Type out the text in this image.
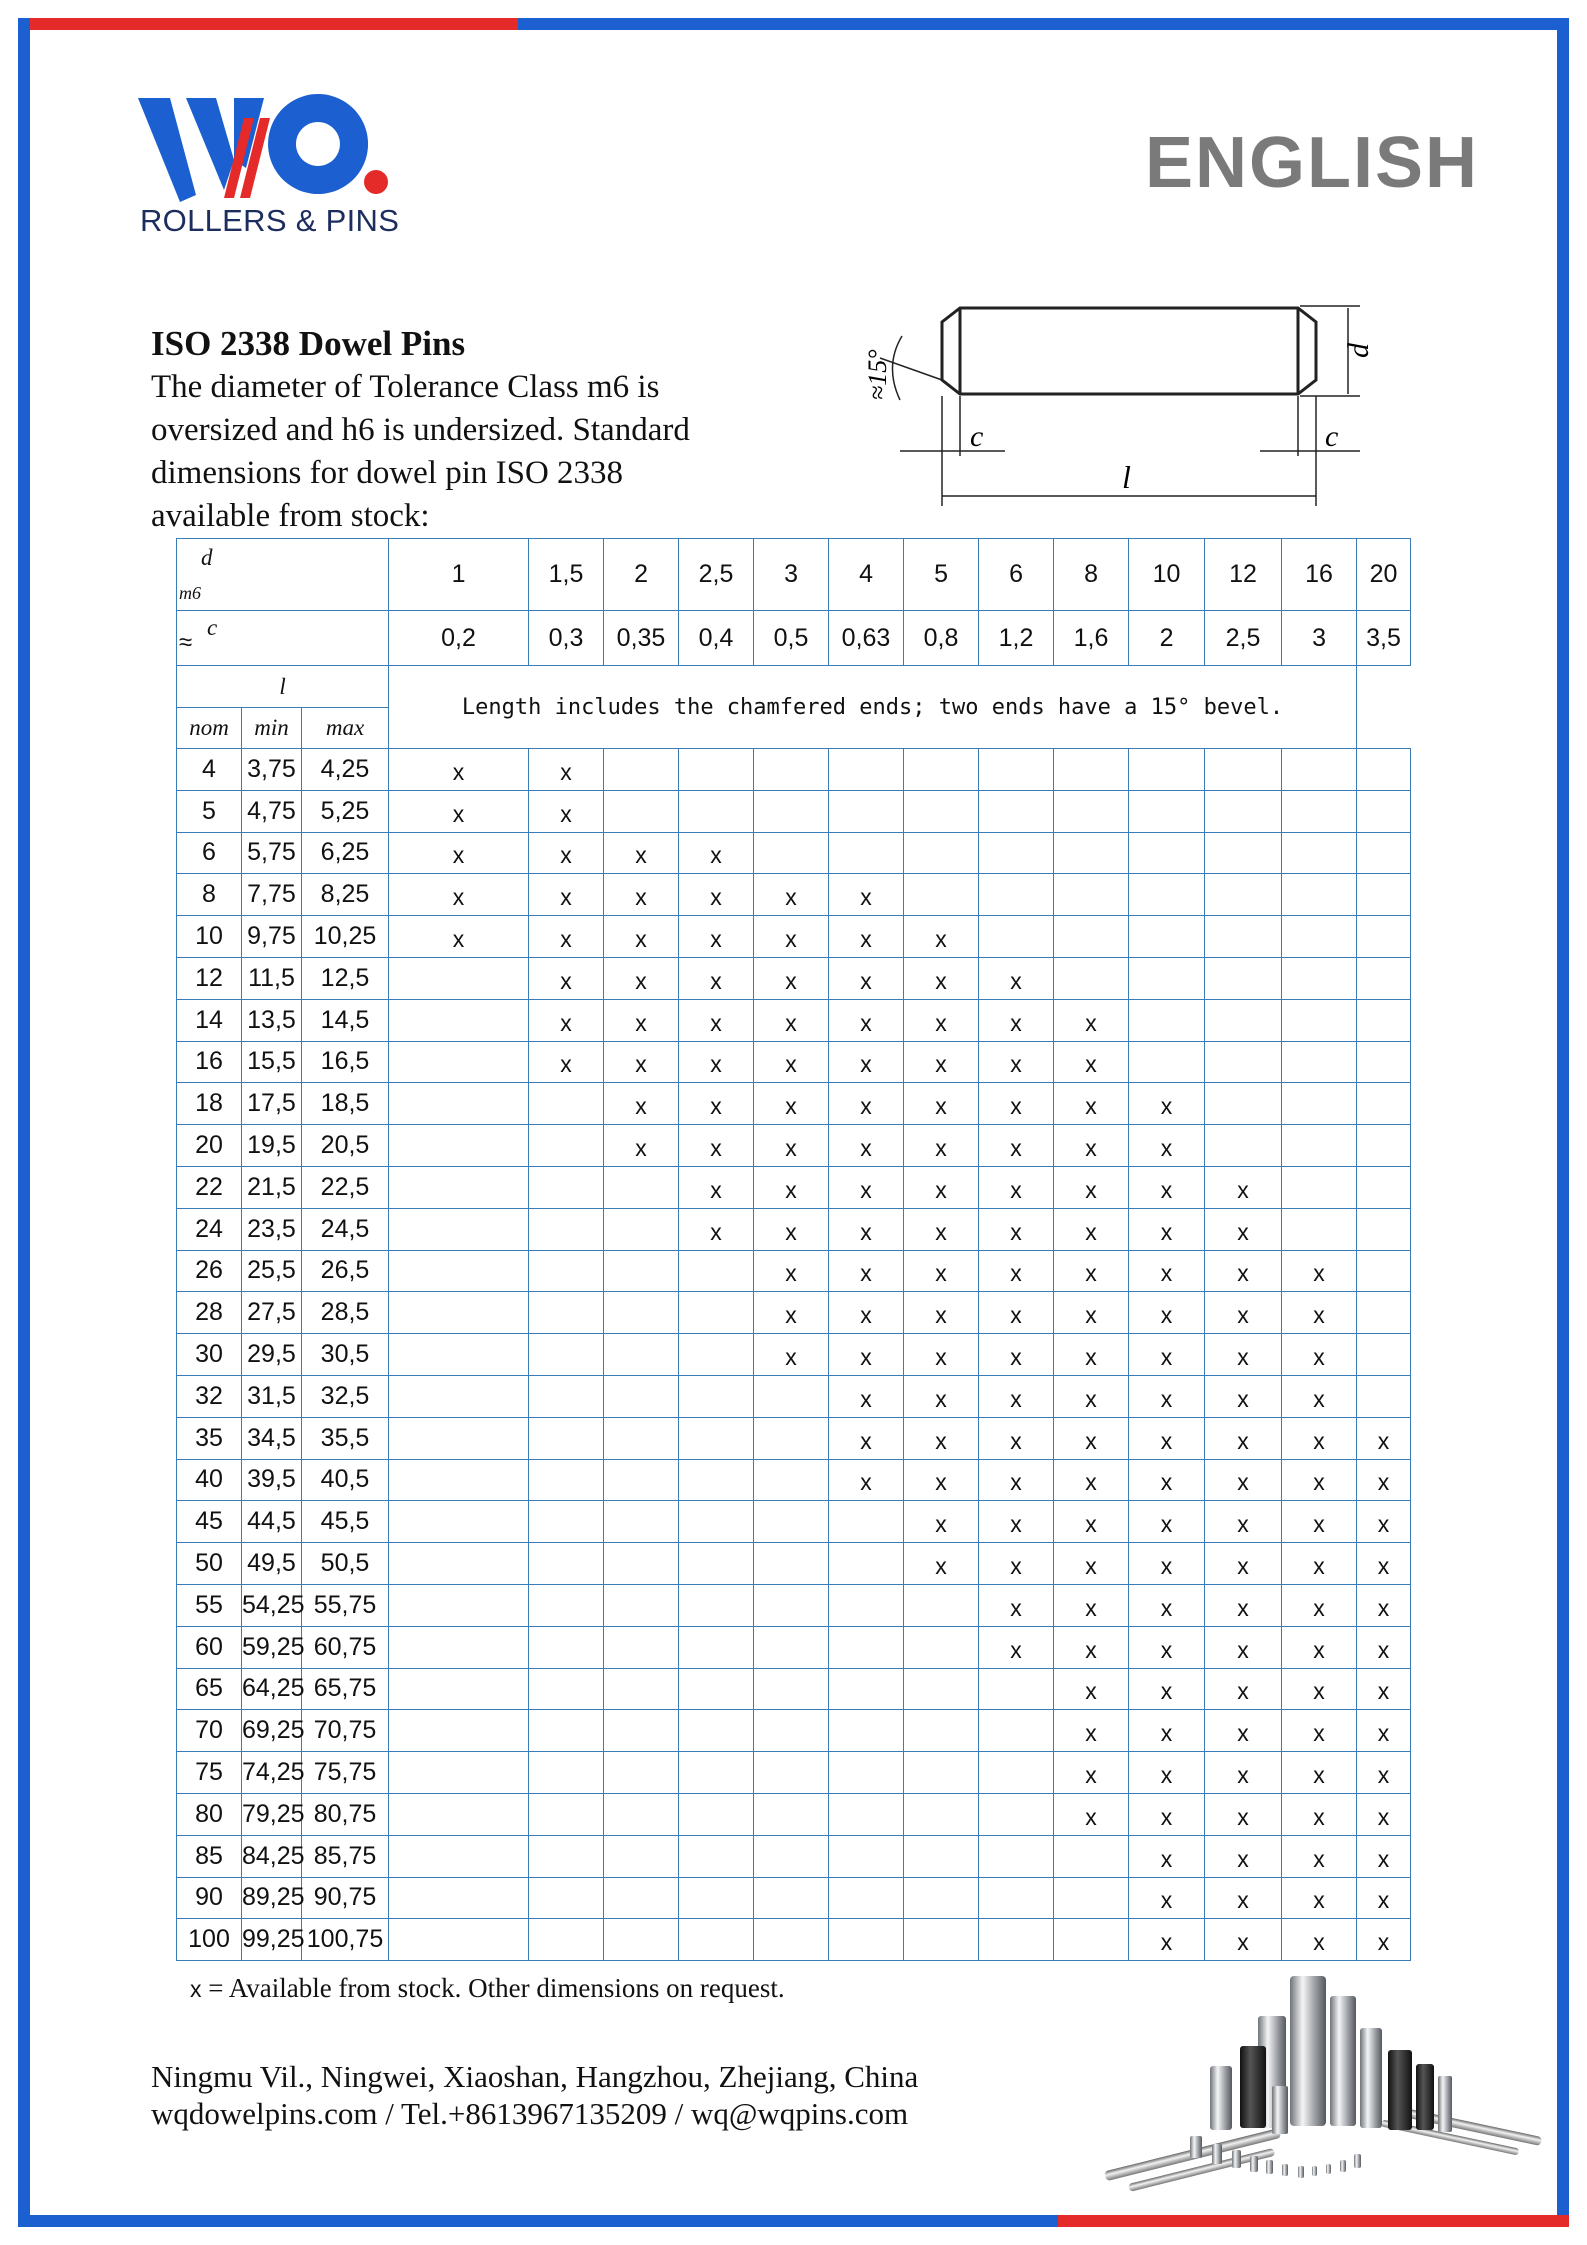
ROLLERS & PINS
ENGLISH
ISO 2338 Dowel Pins

The diameter of Tolerance Class m6 is

oversized and h6 is undersized. Standard

dimensions for dowel pin ISO 2338

available from stock:

≈15°	d
c	c
l
d
m6			1	1,5	2	2,5	3	4	5	6	8	10	12	16	20

≈
c			0,2	0,3	0,35	0,4	0,5	0,63	0,8	1,2	1,6	2	2,5	3	3,5
l			Length includes the chamfered ends; two ends have a 15° bevel.												
nom	min	max													
4	3,75	4,25	x	x											
5	4,75	5,25	x	x											
6	5,75	6,25	x	x	x	x									
8	7,75	8,25	x	x	x	x	x	x							
10	9,75	10,25	x	x	x	x	x	x	x						
12	11,5	12,5		x	x	x	x	x	x	x					
14	13,5	14,5		x	x	x	x	x	x	x	x				
16	15,5	16,5		x	x	x	x	x	x	x	x				
18	17,5	18,5			x	x	x	x	x	x	x	x			
20	19,5	20,5			x	x	x	x	x	x	x	x			
22	21,5	22,5				x	x	x	x	x	x	x	x		
24	23,5	24,5				x	x	x	x	x	x	x	x		
26	25,5	26,5					x	x	x	x	x	x	x	x	
28	27,5	28,5					x	x	x	x	x	x	x	x	
30	29,5	30,5					x	x	x	x	x	x	x	x	
32	31,5	32,5						x	x	x	x	x	x	x	
35	34,5	35,5						x	x	x	x	x	x	x	x
40	39,5	40,5						x	x	x	x	x	x	x	x
45	44,5	45,5							x	x	x	x	x	x	x
50	49,5	50,5							x	x	x	x	x	x	x
55	54,25	55,75								x	x	x	x	x	x
60	59,25	60,75								x	x	x	x	x	x
65	64,25	65,75									x	x	x	x	x
70	69,25	70,75									x	x	x	x	x
75	74,25	75,75									x	x	x	x	x
80	79,25	80,75									x	x	x	x	x
85	84,25	85,75										x	x	x	x
90	89,25	90,75										x	x	x	x
100	99,25	100,75										x	x	x	x
x = Available from stock. Other dimensions on request.
Ningmu Vil., Ningwei, Xiaoshan, Hangzhou, Zhejiang, China
wqdowelpins.com / Tel.+8613967135209 / wq@wqpins.com
